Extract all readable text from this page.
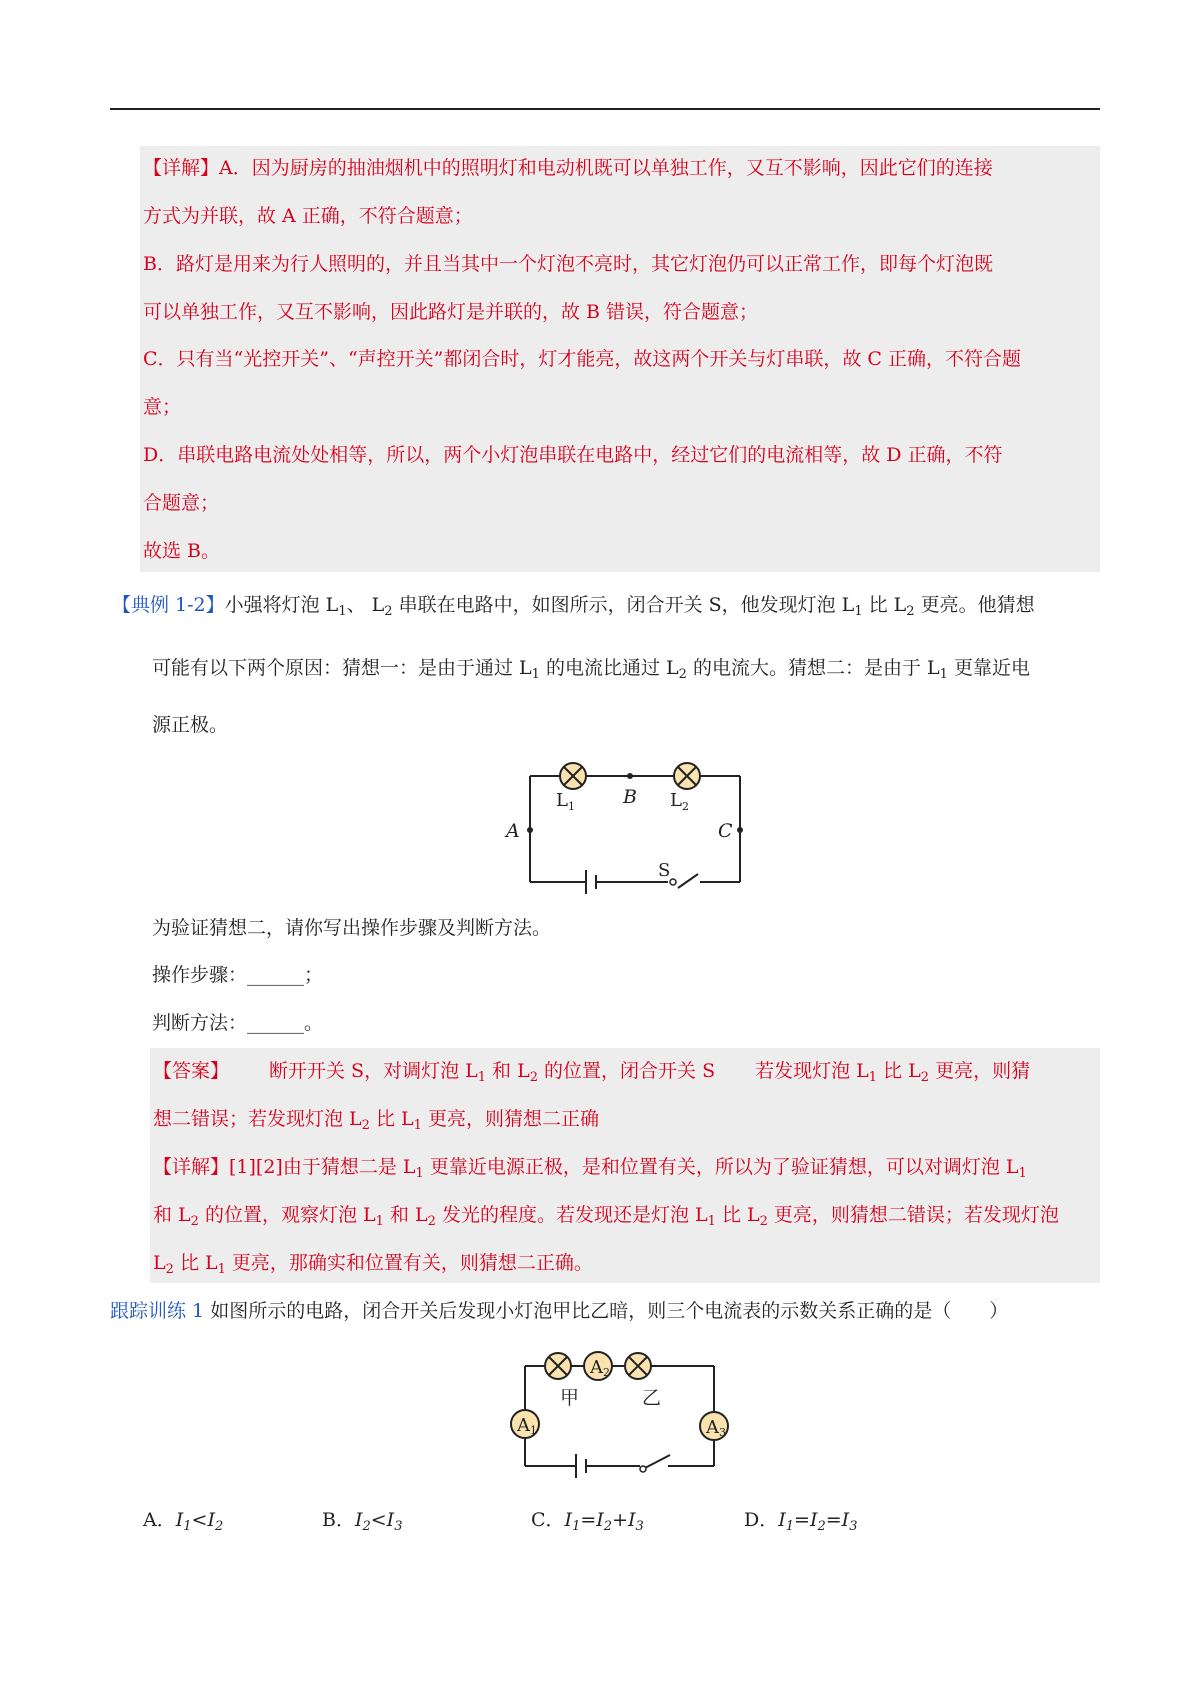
【详解】A．因为厨房的抽油烟机中的照明灯和电动机既可以单独工作，又互不影响，因此它们的连接
方式为并联，故 A 正确，不符合题意；
B．路灯是用来为行人照明的，并且当其中一个灯泡不亮时，其它灯泡仍可以正常工作，即每个灯泡既
可以单独工作，又互不影响，因此路灯是并联的，故 B 错误，符合题意；
C．只有当“光控开关”、“声控开关”都闭合时，灯才能亮，故这两个开关与灯串联，故 C 正确，不符合题
意；
D．串联电路电流处处相等，所以，两个小灯泡串联在电路中，经过它们的电流相等，故 D 正确，不符
合题意；
故选 B。
【典例 1-2】小强将灯泡 $L_1$、 $L_2$ 串联在电路中，如图所示，闭合开关 S，他发现灯泡 $L_1$ 比 $L_2$ 更亮。他猜想
可能有以下两个原因：猜想一：是由于通过 $L_1$ 的电流比通过 $L_2$ 的电流大。猜想二：是由于 $L_1$ 更靠近电
源正极。
A
B
C
S
$L_1$	$L_2$
为验证猜想二，请你写出操作步骤及判断方法。
操作步骤：______；
判断方法：______。
【答案】 断开开关 S，对调灯泡 $L_1$ 和 $L_2$ 的位置，闭合开关 S 若发现灯泡 $L_1$ 比 $L_2$ 更亮，则猜
想二错误；若发现灯泡 $L_2$ 比 $L_1$ 更亮，则猜想二正确
【详解】[1][2]由于猜想二是 $L_1$ 更靠近电源正极，是和位置有关，所以为了验证猜想，可以对调灯泡 $L_1$
和 $L_2$ 的位置，观察灯泡 $L_1$ 和 $L_2$ 发光的程度。若发现还是灯泡 $L_1$ 比 $L_2$ 更亮，则猜想二错误；若发现灯泡
$L_2$ 比 $L_1$ 更亮，那确实和位置有关，则猜想二正确。
跟踪训练 1 如图所示的电路，闭合开关后发现小灯泡甲比乙暗，则三个电流表的示数关系正确的是（　　）
A2
A1	A3
甲	乙
A．$I_1<I_2$	B．$I_2<I_3$	C．$I_1=I_2+I_3$	D．$I_1=I_2=I_3$
